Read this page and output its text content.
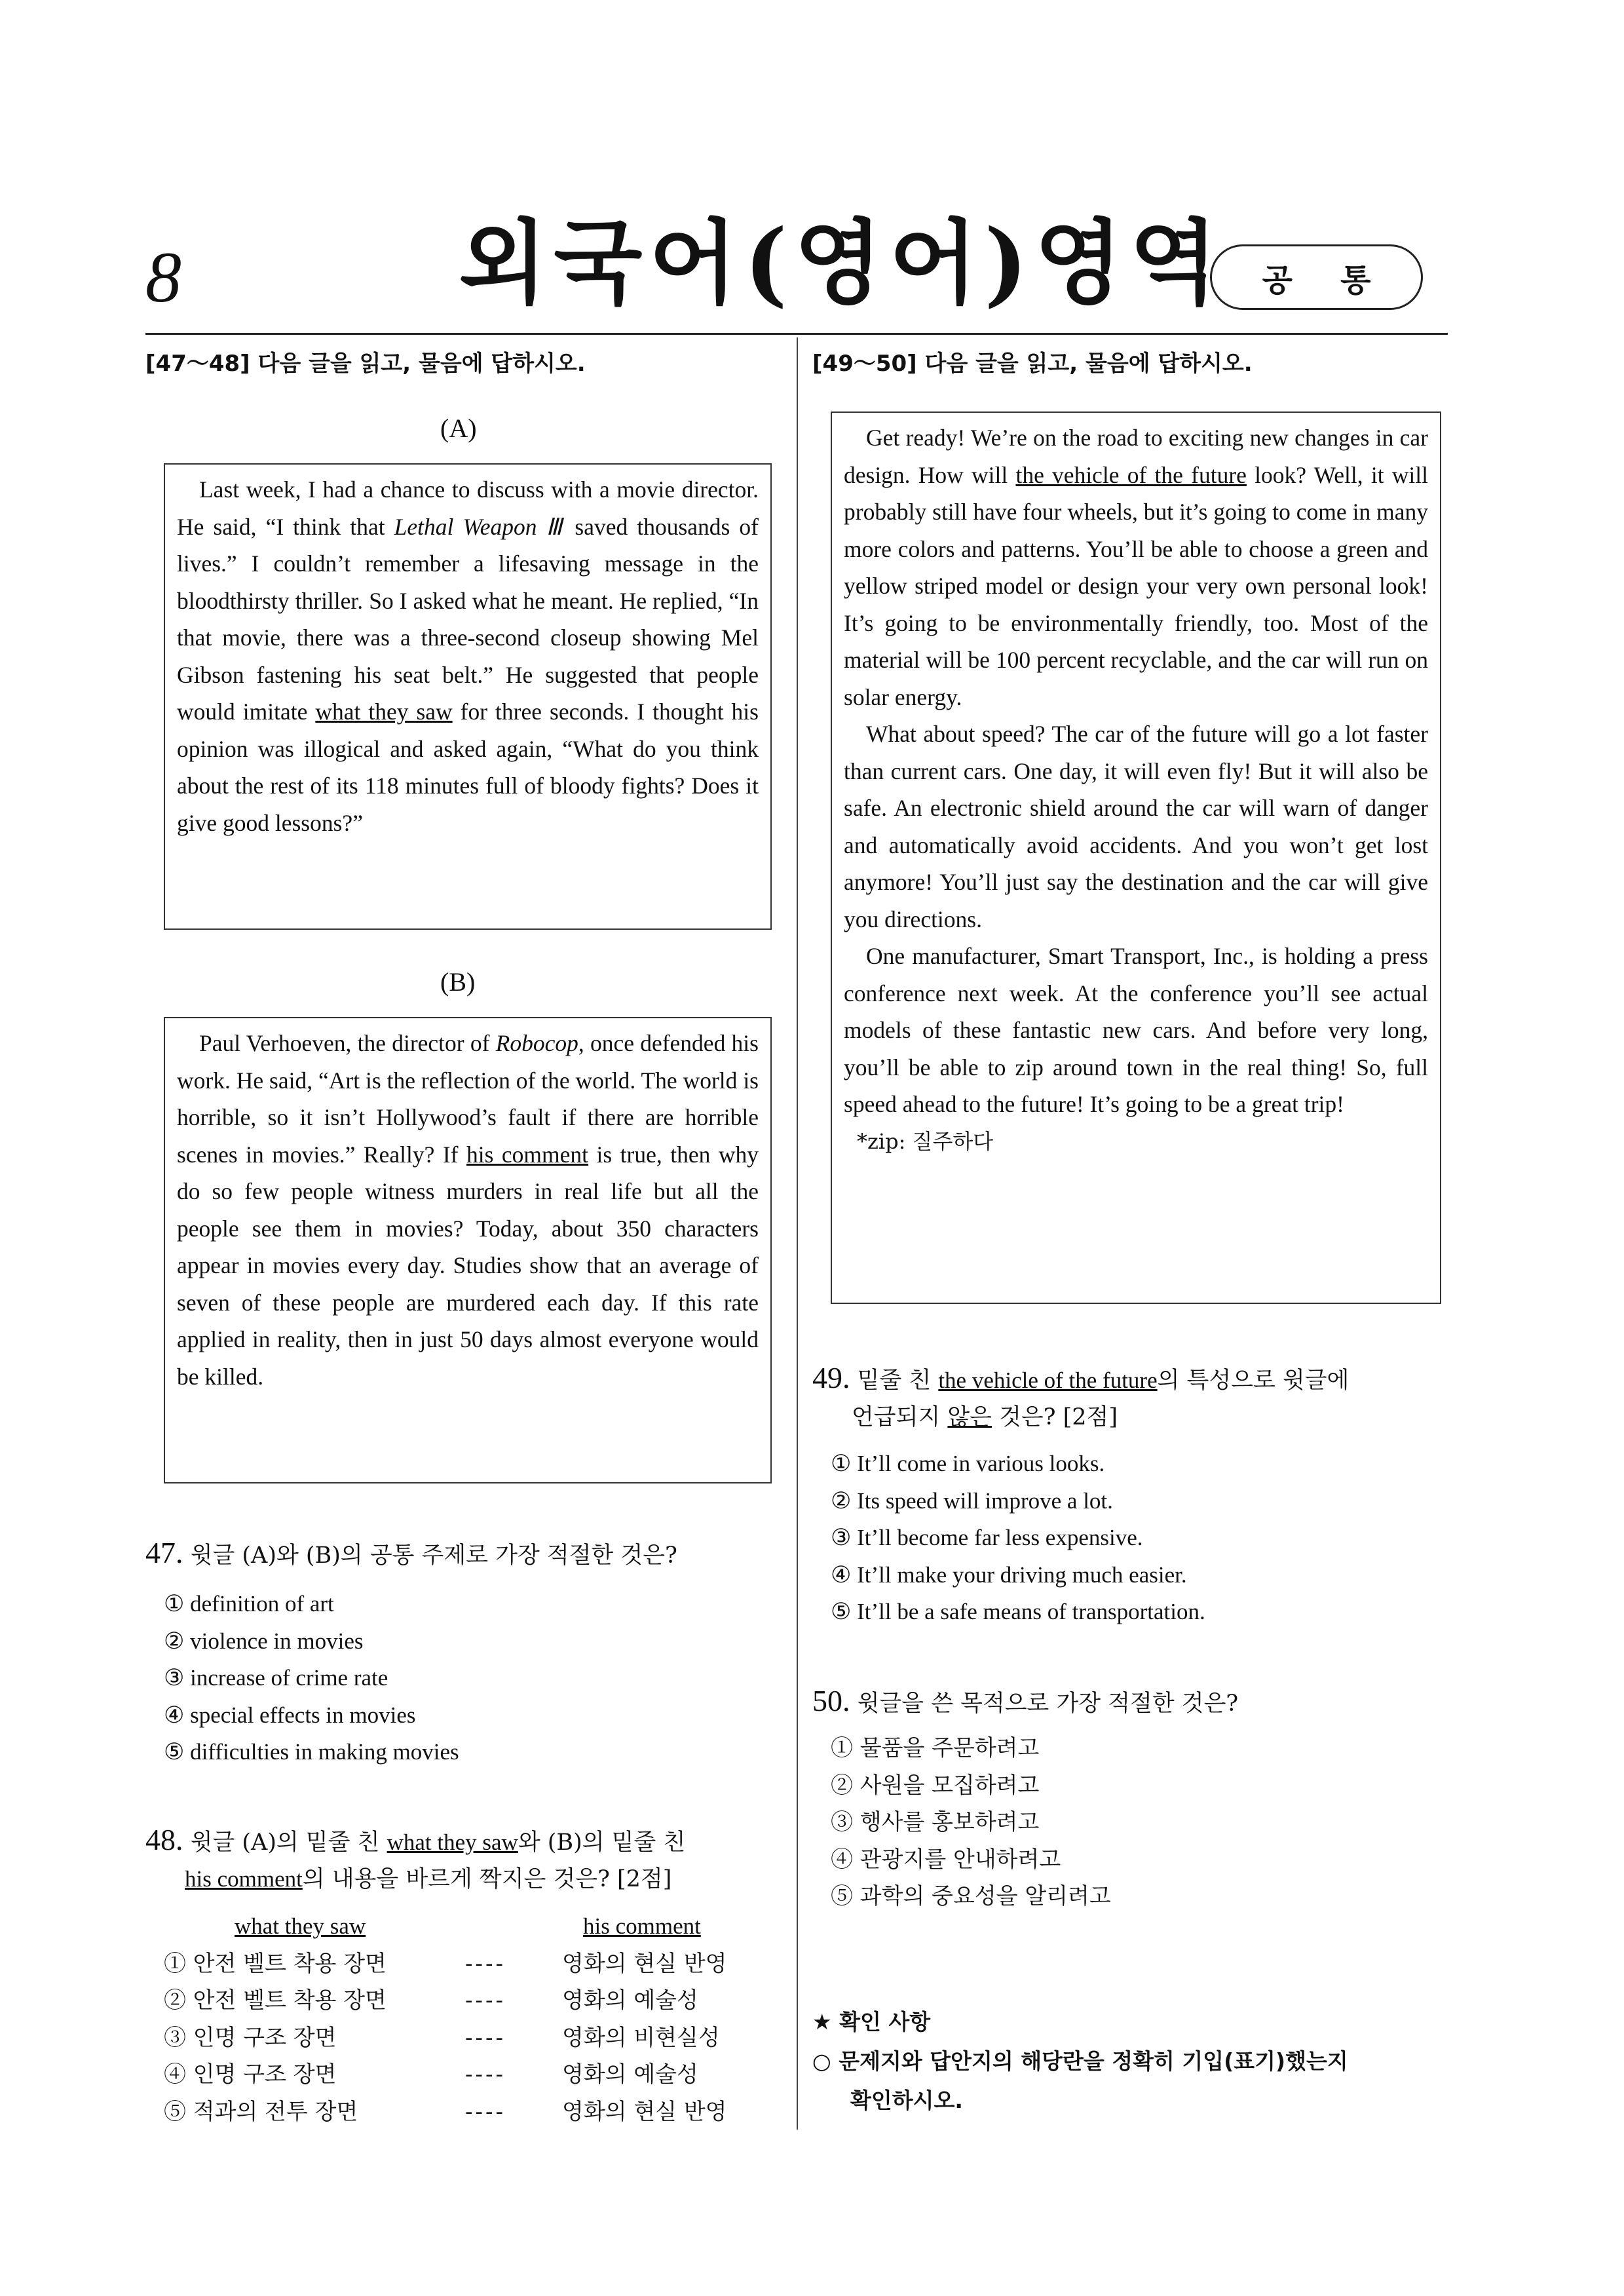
8	외국어(영어)영역 공 통
[47～48] 다음 글을 읽고, 물음에 답하시오.
(A)

Last week, I had a chance to discuss with a movie director. He said, “I think that Lethal Weapon Ⅲ saved thousands of lives.” I couldn’t remember a lifesaving message in the bloodthirsty thriller. So I asked what he meant. He replied, “In that movie, there was a three-second closeup showing Mel Gibson fastening his seat belt.” He suggested that people would imitate what they saw for three seconds. I thought his opinion was illogical and asked again, “What do you think about the rest of its 118 minutes full of bloody fights? Does it give good lessons?”

(B)

Paul Verhoeven, the director of Robocop, once defended his work. He said, “Art is the reflection of the world. The world is horrible, so it isn’t Hollywood’s fault if there are horrible scenes in movies.” Really? If his comment is true, then why do so few people witness murders in real life but all the people see them in movies? Today, about 350 characters appear in movies every day. Studies show that an average of seven of these people are murdered each day. If this rate applied in reality, then in just 50 days almost everyone would be killed.

47. 윗글 (A)와 (B)의 공통 주제로 가장 적절한 것은?
① definition of art
② violence in movies
③ increase of crime rate
④ special effects in movies
⑤ difficulties in making movies
48. 윗글 (A)의 밑줄 친 what they saw와 (B)의 밑줄 친
his comment의 내용을 바르게 짝지은 것은? [2점]
what they saw	his comment
① 안전 벨트 착용 장면	----	영화의 현실 반영
② 안전 벨트 착용 장면	----	영화의 예술성
③ 인명 구조 장면	----	영화의 비현실성
④ 인명 구조 장면	----	영화의 예술성
⑤ 적과의 전투 장면	----	영화의 현실 반영
[49～50] 다음 글을 읽고, 물음에 답하시오.

Get ready! We’re on the road to exciting new changes in car design. How will the vehicle of the future look? Well, it will probably still have four wheels, but it’s going to come in many more colors and patterns. You’ll be able to choose a green and yellow striped model or design your very own personal look! It’s going to be environmentally friendly, too. Most of the material will be 100 percent recyclable, and the car will run on solar energy.

What about speed? The car of the future will go a lot faster than current cars. One day, it will even fly! But it will also be safe. An electronic shield around the car will warn of danger and automatically avoid accidents. And you won’t get lost anymore! You’ll just say the destination and the car will give you directions.

One manufacturer, Smart Transport, Inc., is holding a press conference next week. At the conference you’ll see actual models of these fantastic new cars. And before very long, you’ll be able to zip around town in the real thing! So, full speed ahead to the future! It’s going to be a great trip!

*zip: 질주하다

49. 밑줄 친 the vehicle of the future의 특성으로 윗글에
언급되지 않은 것은? [2점]
① It’ll come in various looks.
② Its speed will improve a lot.
③ It’ll become far less expensive.
④ It’ll make your driving much easier.
⑤ It’ll be a safe means of transportation.
50. 윗글을 쓴 목적으로 가장 적절한 것은?
① 물품을 주문하려고
② 사원을 모집하려고
③ 행사를 홍보하려고
④ 관광지를 안내하려고
⑤ 과학의 중요성을 알리려고
★ 확인 사항
○ 문제지와 답안지의 해당란을 정확히 기입(표기)했는지
확인하시오.
